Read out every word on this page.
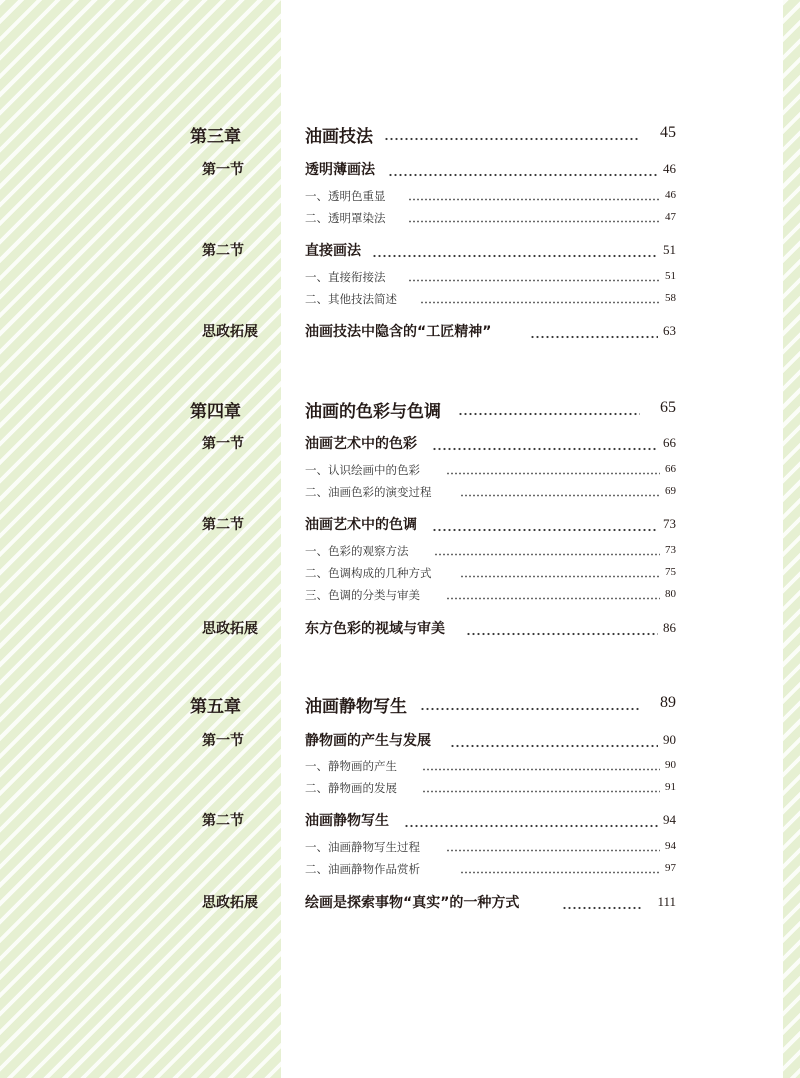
第三章	油画技法	45
第一节	透明薄画法	46
一、透明色重显	46
二、透明罩染法	47
第二节	直接画法	51
一、直接衔接法	51
二、其他技法简述	58
思政拓展	油画技法中隐含的“工匠精神”	63
第四章	油画的色彩与色调	65
第一节	油画艺术中的色彩	66
一、认识绘画中的色彩	66
二、油画色彩的演变过程	69
第二节	油画艺术中的色调	73
一、色彩的观察方法	73
二、色调构成的几种方式	75
三、色调的分类与审美	80
思政拓展	东方色彩的视域与审美	86
第五章	油画静物写生	89
第一节	静物画的产生与发展	90
一、静物画的产生	90
二、静物画的发展	91
第二节	油画静物写生	94
一、油画静物写生过程	94
二、油画静物作品赏析	97
思政拓展	绘画是探索事物“真实”的一种方式	111
